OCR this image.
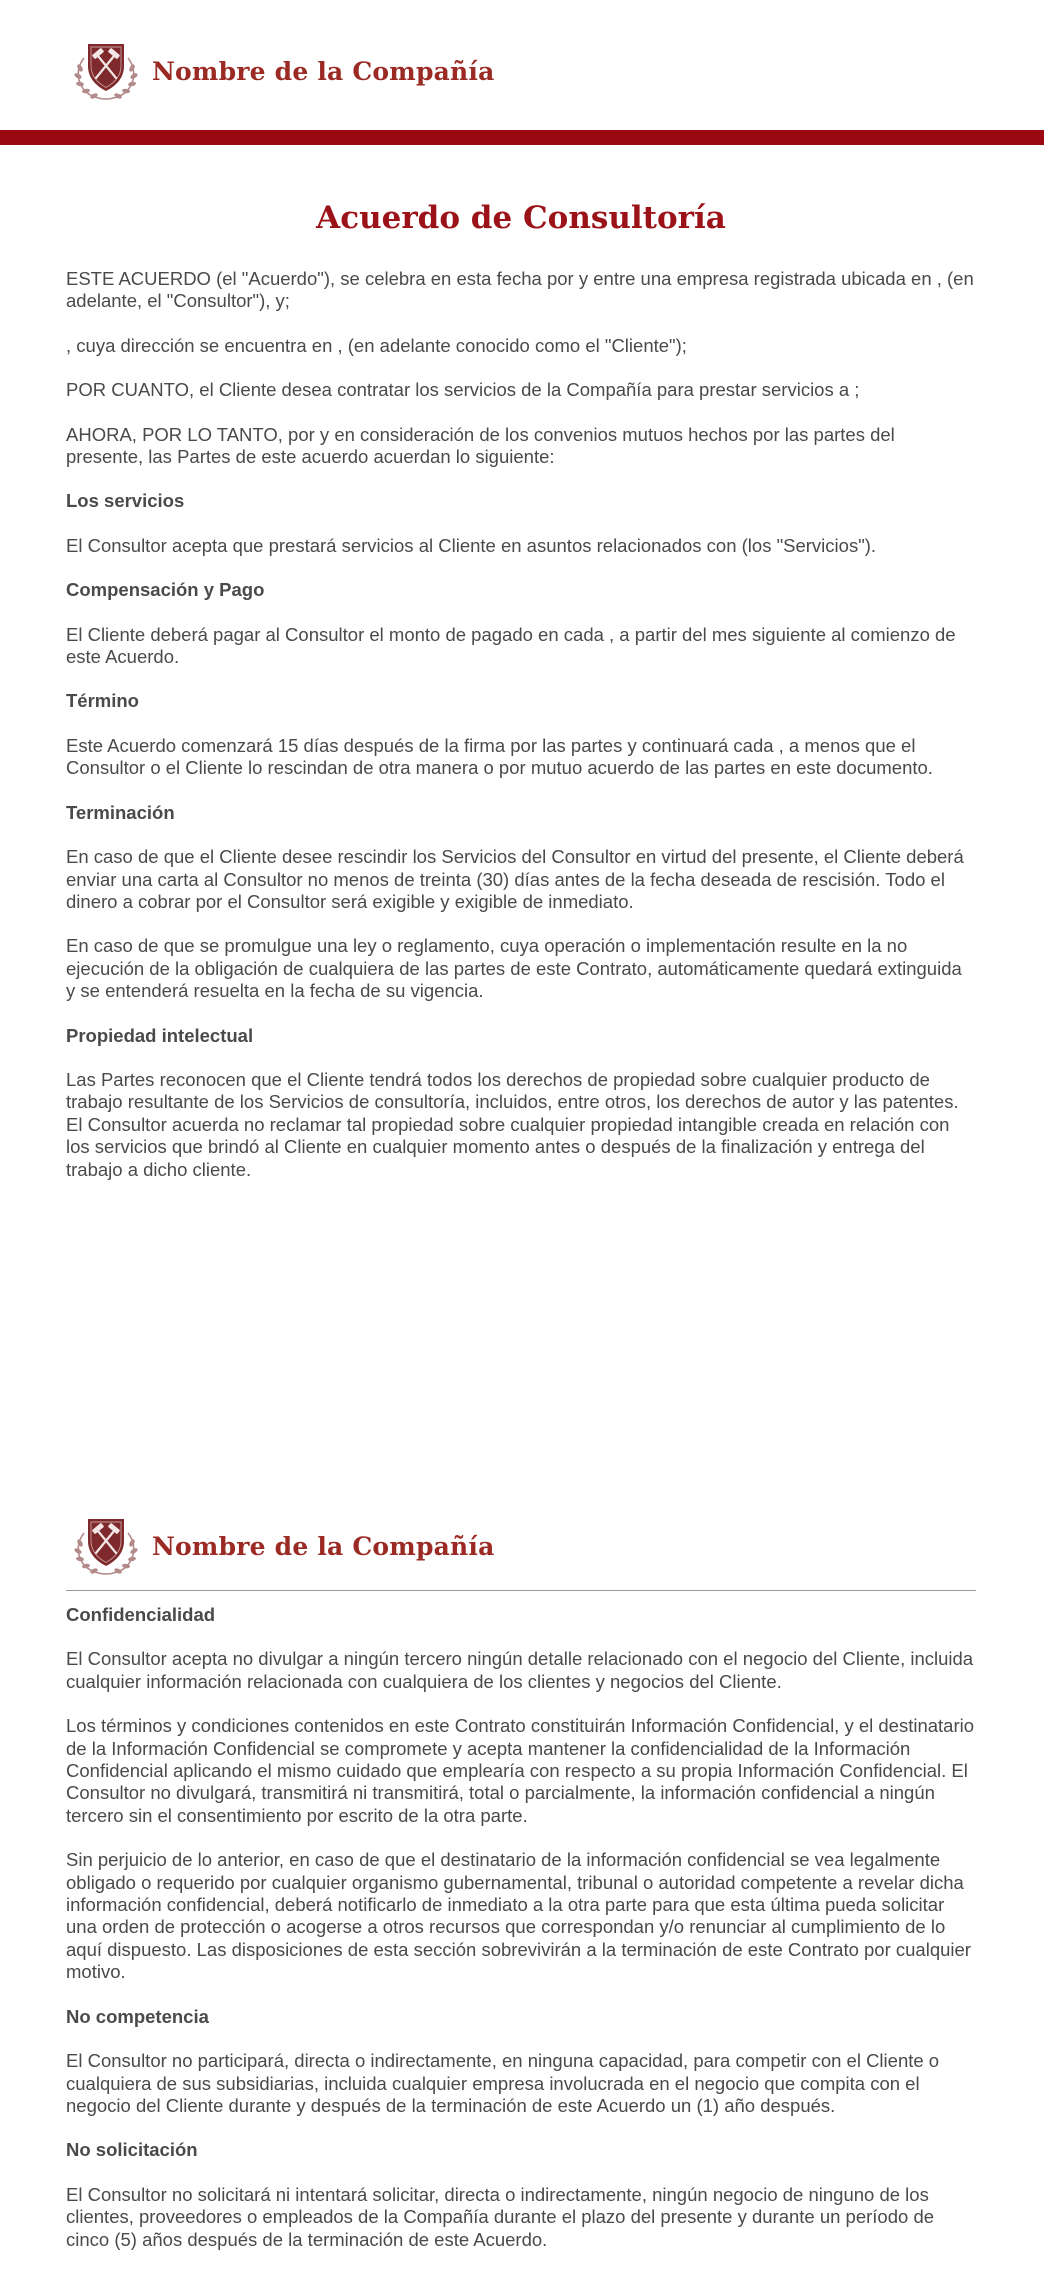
Nombre de la Compañía
Acuerdo de Consultoría

ESTE ACUERDO (el "Acuerdo"), se celebra en esta fecha por y entre una empresa registrada ubicada en , (en adelante, el "Consultor"), y;

, cuya dirección se encuentra en , (en adelante conocido como el "Cliente");

POR CUANTO, el Cliente desea contratar los servicios de la Compañía para prestar servicios a ;

AHORA, POR LO TANTO, por y en consideración de los convenios mutuos hechos por las partes del presente, las Partes de este acuerdo acuerdan lo siguiente:

Los servicios

El Consultor acepta que prestará servicios al Cliente en asuntos relacionados con (los "Servicios").

Compensación y Pago

El Cliente deberá pagar al Consultor el monto de pagado en cada , a partir del mes siguiente al comienzo de este Acuerdo.

Término

Este Acuerdo comenzará 15 días después de la firma por las partes y continuará cada , a menos que el Consultor o el Cliente lo rescindan de otra manera o por mutuo acuerdo de las partes en este documento.

Terminación

En caso de que el Cliente desee rescindir los Servicios del Consultor en virtud del presente, el Cliente deberá enviar una carta al Consultor no menos de treinta (30) días antes de la fecha deseada de rescisión. Todo el dinero a cobrar por el Consultor será exigible y exigible de inmediato.

En caso de que se promulgue una ley o reglamento, cuya operación o implementación resulte en la no ejecución de la obligación de cualquiera de las partes de este Contrato, automáticamente quedará extinguida y se entenderá resuelta en la fecha de su vigencia.

Propiedad intelectual

Las Partes reconocen que el Cliente tendrá todos los derechos de propiedad sobre cualquier producto de trabajo resultante de los Servicios de consultoría, incluidos, entre otros, los derechos de autor y las patentes. El Consultor acuerda no reclamar tal propiedad sobre cualquier propiedad intangible creada en relación con los servicios que brindó al Cliente en cualquier momento antes o después de la finalización y entrega del trabajo a dicho cliente.

Nombre de la Compañía
Confidencialidad

El Consultor acepta no divulgar a ningún tercero ningún detalle relacionado con el negocio del Cliente, incluida cualquier información relacionada con cualquiera de los clientes y negocios del Cliente.

Los términos y condiciones contenidos en este Contrato constituirán Información Confidencial, y el destinatario de la Información Confidencial se compromete y acepta mantener la confidencialidad de la Información Confidencial aplicando el mismo cuidado que emplearía con respecto a su propia Información Confidencial. El Consultor no divulgará, transmitirá ni transmitirá, total o parcialmente, la información confidencial a ningún tercero sin el consentimiento por escrito de la otra parte.

Sin perjuicio de lo anterior, en caso de que el destinatario de la información confidencial se vea legalmente obligado o requerido por cualquier organismo gubernamental, tribunal o autoridad competente a revelar dicha información confidencial, deberá notificarlo de inmediato a la otra parte para que esta última pueda solicitar una orden de protección o acogerse a otros recursos que correspondan y/o renunciar al cumplimiento de lo aquí dispuesto. Las disposiciones de esta sección sobrevivirán a la terminación de este Contrato por cualquier motivo.

No competencia

El Consultor no participará, directa o indirectamente, en ninguna capacidad, para competir con el Cliente o cualquiera de sus subsidiarias, incluida cualquier empresa involucrada en el negocio que compita con el negocio del Cliente durante y después de la terminación de este Acuerdo un (1) año después.

No solicitación

El Consultor no solicitará ni intentará solicitar, directa o indirectamente, ningún negocio de ninguno de los clientes, proveedores o empleados de la Compañía durante el plazo del presente y durante un período de cinco (5) años después de la terminación de este Acuerdo.
